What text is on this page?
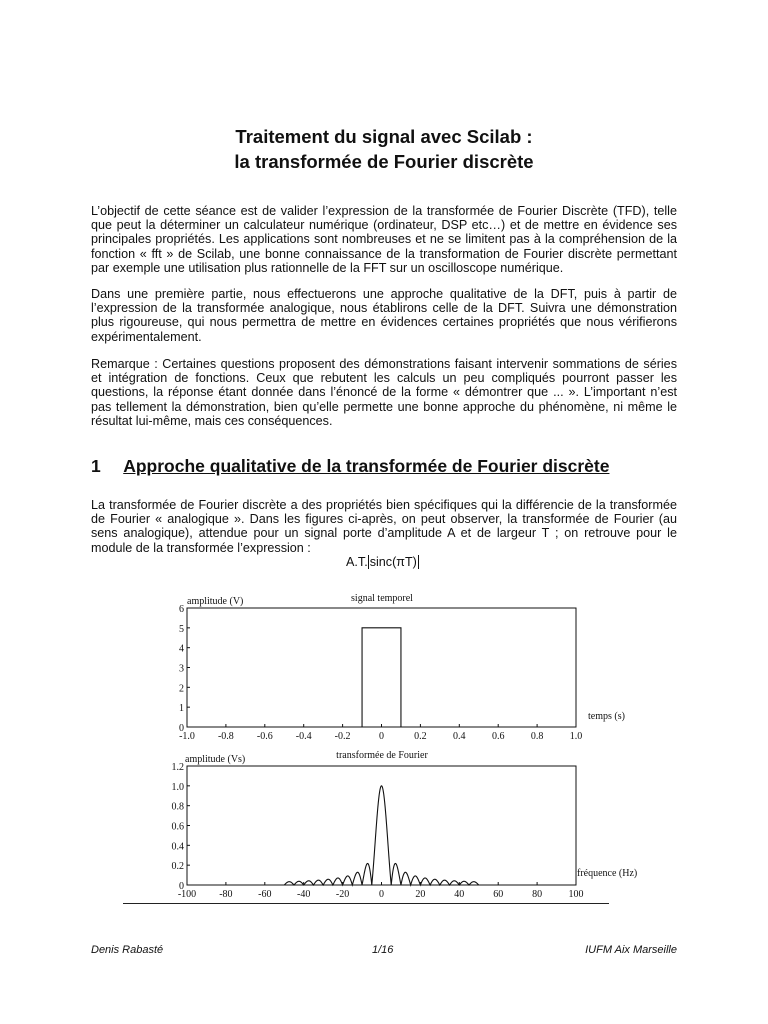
Traitement du signal avec Scilab :
la transformée de Fourier discrète

L’objectif de cette séance est de valider l’expression de la transformée de Fourier Discrète (TFD), telle que peut la déterminer un calculateur numérique (ordinateur, DSP etc…) et de mettre en évidence ses principales propriétés. Les applications sont nombreuses et ne se limitent pas à la compréhension de la fonction « fft » de Scilab, une bonne connaissance de la transformation de Fourier discrète permettant par exemple une utilisation plus rationnelle de la FFT sur un oscilloscope numérique.

Dans une première partie, nous effectuerons une approche qualitative de la DFT, puis à partir de l’expression de la transformée analogique, nous établirons celle de la DFT. Suivra une démonstration plus rigoureuse, qui nous permettra de mettre en évidences certaines propriétés que nous vérifierons expérimentalement.

Remarque : Certaines questions proposent des démonstrations faisant intervenir sommations de séries et intégration de fonctions. Ceux que rebutent les calculs un peu compliqués pourront passer les questions, la réponse étant donnée dans l’énoncé de la forme « démontrer que ... ». L’important n’est pas tellement la démonstration, bien qu’elle permette une bonne approche du phénomène, ni même le résultat lui-même, mais ces conséquences.

1 Approche qualitative de la transformée de Fourier discrète

La transformée de Fourier discrète a des propriétés bien spécifiques qui la différencie de la transformée de Fourier « analogique ». Dans les figures ci-après, on peut observer, la transformée de Fourier (au sens analogique), attendue pour un signal porte d’amplitude A et de largeur T ; on retrouve pour le module de la transformée l’expression :

A.T. sinc(πT)
-1.0 -0.8 -0.6 -0.4 -0.2	0	0.2	0.4	0.6	0.8	1.0
0
1
2
3
4
5
6
signal temporel
amplitude (V)
temps (s)
-100 -80	-60	-40	-20	0	20	40	60	80	100
0
0.2
0.4
0.6
0.8
1.0
1.2
transformée de Fourier
amplitude (Vs)
fréquence (Hz)
Denis Rabasté	1/16	IUFM Aix Marseille
